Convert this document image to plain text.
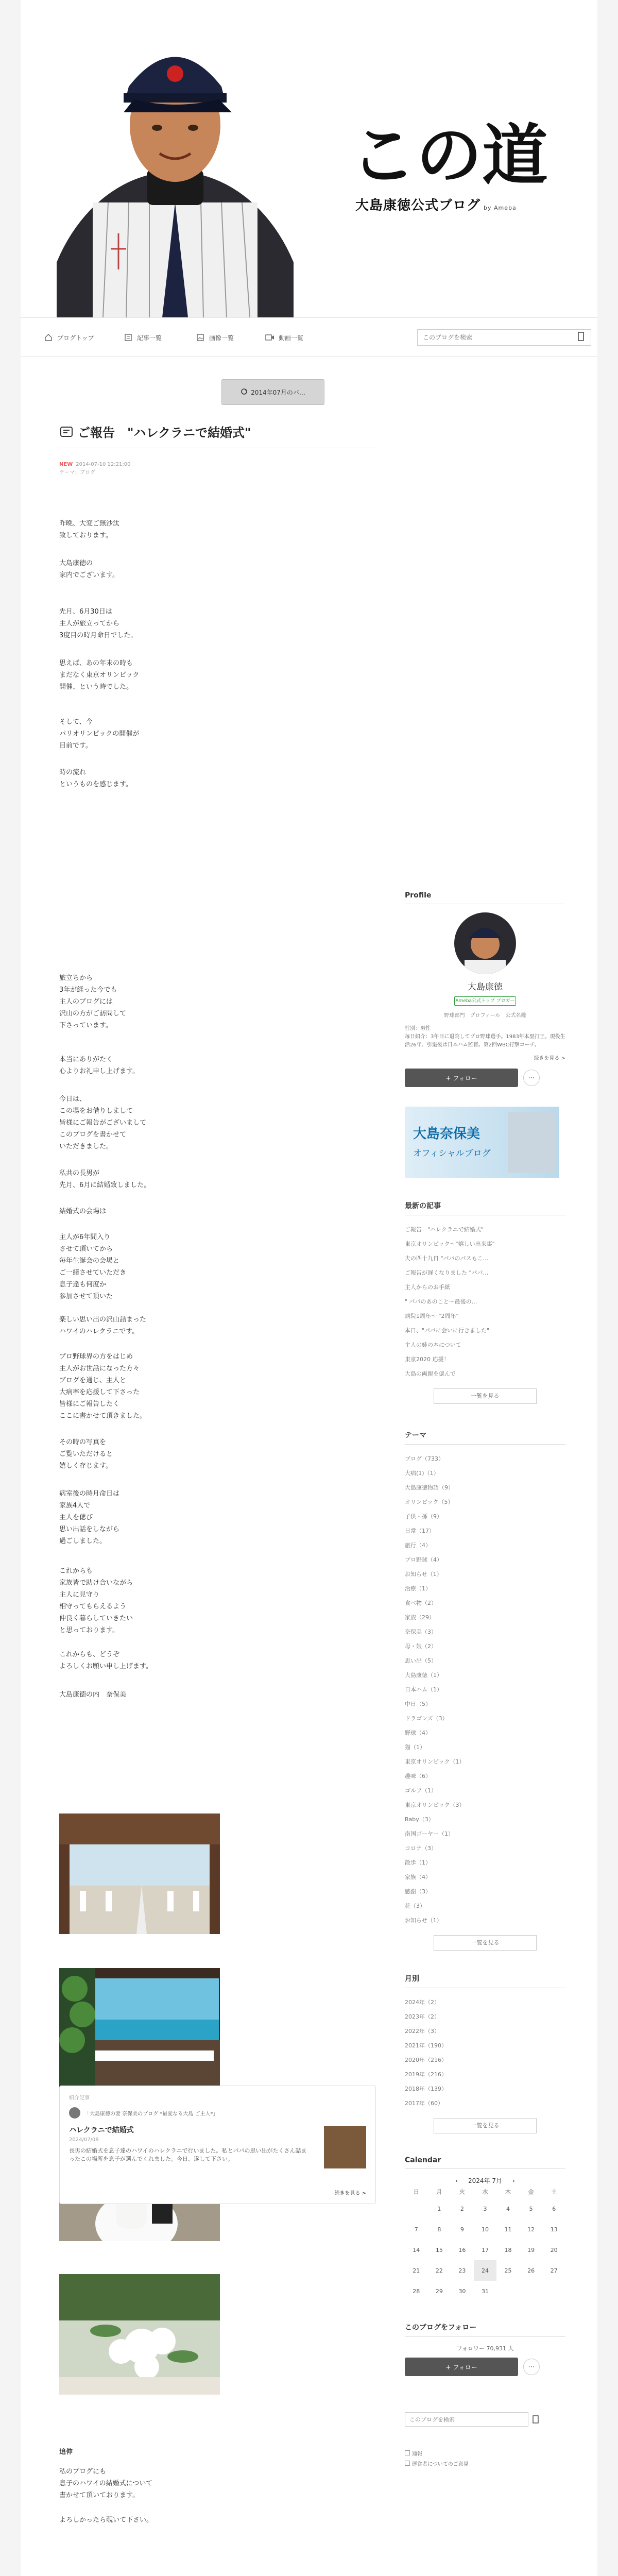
この道
大島康徳公式ブログ by Ameba
ブログトップ	記事一覧	画像一覧	動画一覧
このブログを検索
2014年07月のバ…
ご報告　"ハレクラニで結婚式"
NEW 2014-07-10 12:21:00
テーマ：ブログ
昨晩、大変ご無沙汰
致しております。
大島康徳の
家内でございます。
先月、6月30日は
主人が旅立ってから
3度目の時月命日でした。
思えば、あの年末の時も
まだなく東京オリンピック
開催、という時でした。
そして、今
パリオリンピックの開催が
目前です。
時の流れ
というものを感じます。
旅立ちから
3年が経った今でも
主人のブログには
沢山の方がご訪問して
下さっています。
本当にありがたく
心よりお礼申し上げます。
今日は、
この場をお借りしまして
皆様にご報告がございまして
このブログを書かせて
いただきました。
私共の長男が
先月、6月に結婚致しました。
結婚式の会場は
主人が6年間入り
させて頂いてから
毎年生誕会の会場と
ご一緒させていただき
息子達も何度か
参加させて頂いた
楽しい思い出の沢山詰まった
ハワイのハレクラニです。
プロ野球界の方をはじめ
主人がお世話になった方々
ブログを通じ、主人と
大病率を応援して下さった
皆様にご報告したく
ここに書かせて頂きました。
その時の写真を
ご覧いただけると
嬉しく存じます。
病室後の時月命日は
家族4人で
主人を偲び
思い出話をしながら
過ごしました。
これからも
家族皆で助け合いながら
主人に見守り
相守ってもらえるよう
仲良く暮らしていきたい
と思っております。
これからも、どうぞ
よろしくお願い申し上げます。
大島康徳の内　奈保美
追伸
私のブログにも
息子のハワイの結婚式について
書かせて頂いております。
よろしかったら覗いて下さい。
紹介記事
「大島康徳の妻 奈保美のブログ *最愛なる大島 ご主人*」
ハレクラニで結婚式
2024/07/08
長男の結婚式を息子達のハワイのハレクラニで行いました。私とパパの思い出がたくさん詰まったこの場所を息子が選んでくれました。今日、遂して下さい。
続きを見る >
Profile
大島康徳
Ameba公式トップ ブロガー
野球部門　プロフィール　公式名鑑
性別：男性
毎日紹介：3年目に退院してプロ野球選手。1983年本塁打王。現役生活26年、引退後は日本ハム監督。第2回WBC打撃コーチ。
続きを見る >
+ フォロー	⋯
大島奈保美
オフィシャルブログ
最新の記事
ご報告　"ハレクラニで結婚式"
東京オリンピック～"嬉しい出来事"
夫の四十九日 "パパのパスもこ…
ご報告が遅くなりました "パパ…
主人からのお手紙
" パパのあのこと～最後の…
病院1周年～ "2周年"
本日、"パパに会いに行きました"
主人の姉の本について
東京2020 応援！
大島の両親を偲んで
一覧を見る
テーマ
ブログ（733）
大病(1)（1）
大島康徳物語（9）
オリンピック（5）
子供・孫（9）
日常（17）
旅行（4）
プロ野球（4）
お知らせ（1）
治療（1）
食べ物（2）
家族（29）
奈保美（3）
母・娘（2）
思い出（5）
大島康徳（1）
日本ハム（1）
中日（5）
ドラゴンズ（3）
野球（4）
猫（1）
東京オリンピック（1）
趣味（6）
ゴルフ（1）
東京オリンピック（3）
Baby（3）
南国ゴーヤー（1）
コロナ（3）
散歩（1）
家族（4）
感謝（3）
花（3）
お知らせ（1）
一覧を見る
月別
2024年（2）
2023年（2）
2022年（3）
2021年（190）
2020年（216）
2019年（216）
2018年（139）
2017年（60）
一覧を見る
Calendar
‹ 2024年 7月 ›
日	月	火	水	木	金	土
	1	2	3	4	5	6
7	8	9	10	11	12	13
14	15	16	17	18	19	20
21	22	23	24	25	26	27
28	29	30	31			
このブログをフォロー
フォロワー 70,931 人
+ フォロー	⋯
このブログを検索
通報
運営者についてのご意見
